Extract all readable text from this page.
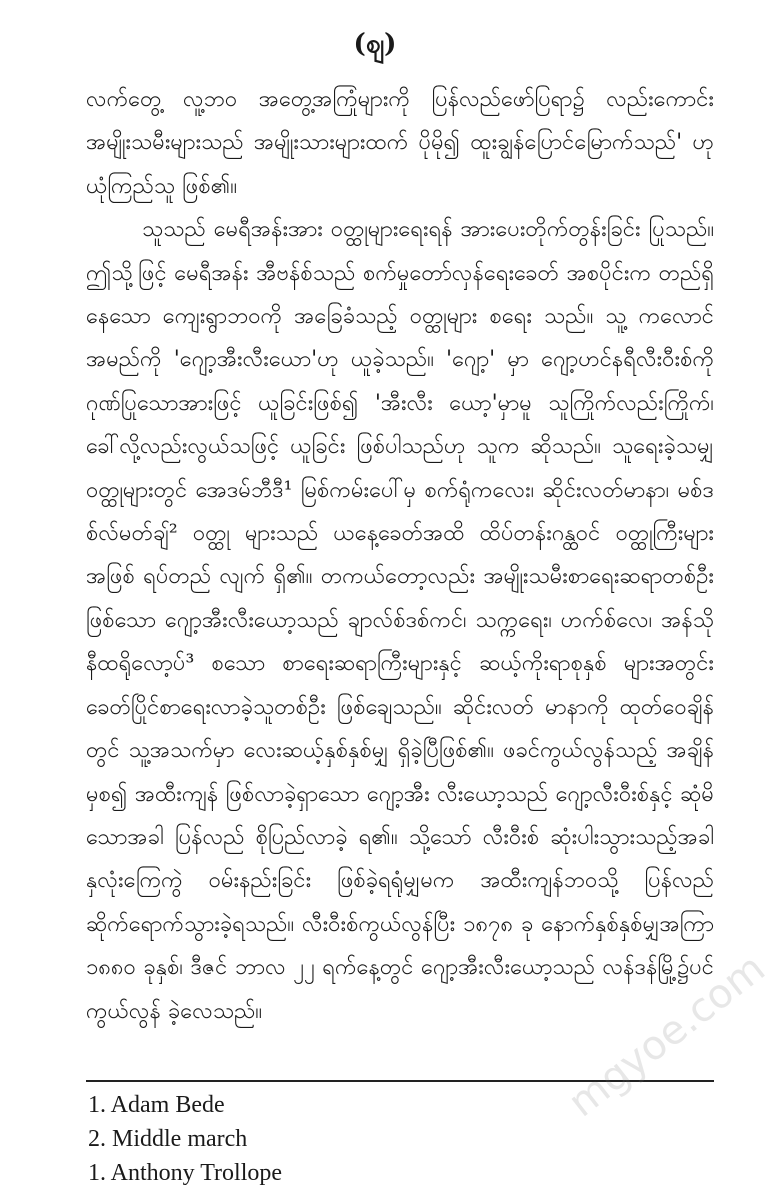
(ဈ)

လက်တွေ့ လူ့ဘဝ အတွေ့အကြုံများကို ပြန်လည်ဖော်ပြရာ၌ လည်းကောင်း အမျိုးသမီးများသည် အမျိုးသားများထက် ပိုမို၍ ထူးချွန်ပြောင်မြောက်သည်' ဟု ယုံကြည်သူ ဖြစ်၏။

သူသည် မေရီအန်းအား ဝတ္ထုများရေးရန် အားပေးတိုက်တွန်းခြင်း ပြုသည်။ ဤသို့ဖြင့် မေရီအန်း အီဗန်စ်သည် စက်မှုတော်လှန်ရေးခေတ် အစပိုင်းက တည်ရှိနေသော ကျေးရွာဘဝကို အခြေခံသည့် ဝတ္ထုများ စရေး သည်။ သူ့ ကလောင်အမည်ကို 'ဂျော့အီးလီးယော'ဟု ယူခဲ့သည်။ 'ဂျော့' မှာ ဂျော့ဟင်နရီလီးဝီးစ်ကို ဂုဏ်ပြုသောအားဖြင့် ယူခြင်းဖြစ်၍ 'အီးလီး ယော့'မှာမူ သူကြိုက်လည်းကြိုက်၊ ခေါ်လို့လည်းလွယ်သဖြင့် ယူခြင်း ဖြစ်ပါသည်ဟု သူက ဆိုသည်။ သူရေးခဲ့သမျှဝတ္ထုများတွင် အေဒမ်ဘီဒီ¹ မြစ်ကမ်းပေါ်မှ စက်ရုံကလေး၊ ဆိုင်းလတ်မာနာ၊ မစ်ဒစ်လ်မတ်ချ်² ဝတ္ထု များသည် ယနေ့ခေတ်အထိ ထိပ်တန်းဂန္ထဝင် ဝတ္ထုကြီးများအဖြစ် ရပ်တည် လျက် ရှိ၏။ တကယ်တော့လည်း အမျိုးသမီးစာရေးဆရာတစ်ဦးဖြစ်သော ဂျော့အီးလီးယော့သည် ချာလ်စ်ဒစ်ကင်၊ သက္ကရေး၊ ဟက်စ်လေ၊ အန်သိုနီထရိုလော့ပ်³ စသော စာရေးဆရာကြီးများနှင့် ဆယ့်ကိုးရာစုနှစ် များအတွင်း ခေတ်ပြိုင်စာရေးလာခဲ့သူတစ်ဦး ဖြစ်ချေသည်။ ဆိုင်းလတ် မာနာကို ထုတ်ဝေချိန်တွင် သူ့အသက်မှာ လေးဆယ့်နှစ်နှစ်မျှ ရှိခဲ့ပြီဖြစ်၏။ ဖခင်ကွယ်လွန်သည့် အချိန်မှစ၍ အထီးကျန် ဖြစ်လာခဲ့ရှာသော ဂျော့အီး လီးယော့သည် ဂျော့လီးဝီးစ်နှင့် ဆုံမိသောအခါ ပြန်လည် စိုပြည်လာခဲ့ ရ၏။ သို့သော် လီးဝီးစ် ဆုံးပါးသွားသည့်အခါ နှလုံးကြေကွဲ ဝမ်းနည်းခြင်း ဖြစ်ခဲ့ရရုံမျှမက အထီးကျန်ဘဝသို့ ပြန်လည်ဆိုက်ရောက်သွားခဲ့ရသည်။ လီးဝီးစ်ကွယ်လွန်ပြီး ၁၈၇၈ ခု နောက်နှစ်နှစ်မျှအကြာ ၁၈၈၀ ခုနှစ်၊ ဒီဇင် ဘာလ ၂၂ ရက်နေ့တွင် ဂျော့အီးလီးယော့သည် လန်ဒန်မြို့၌ပင် ကွယ်လွန် ခဲ့လေသည်။

1. Adam Bede

2. Middle march

1. Anthony Trollope

mgyoe.com
